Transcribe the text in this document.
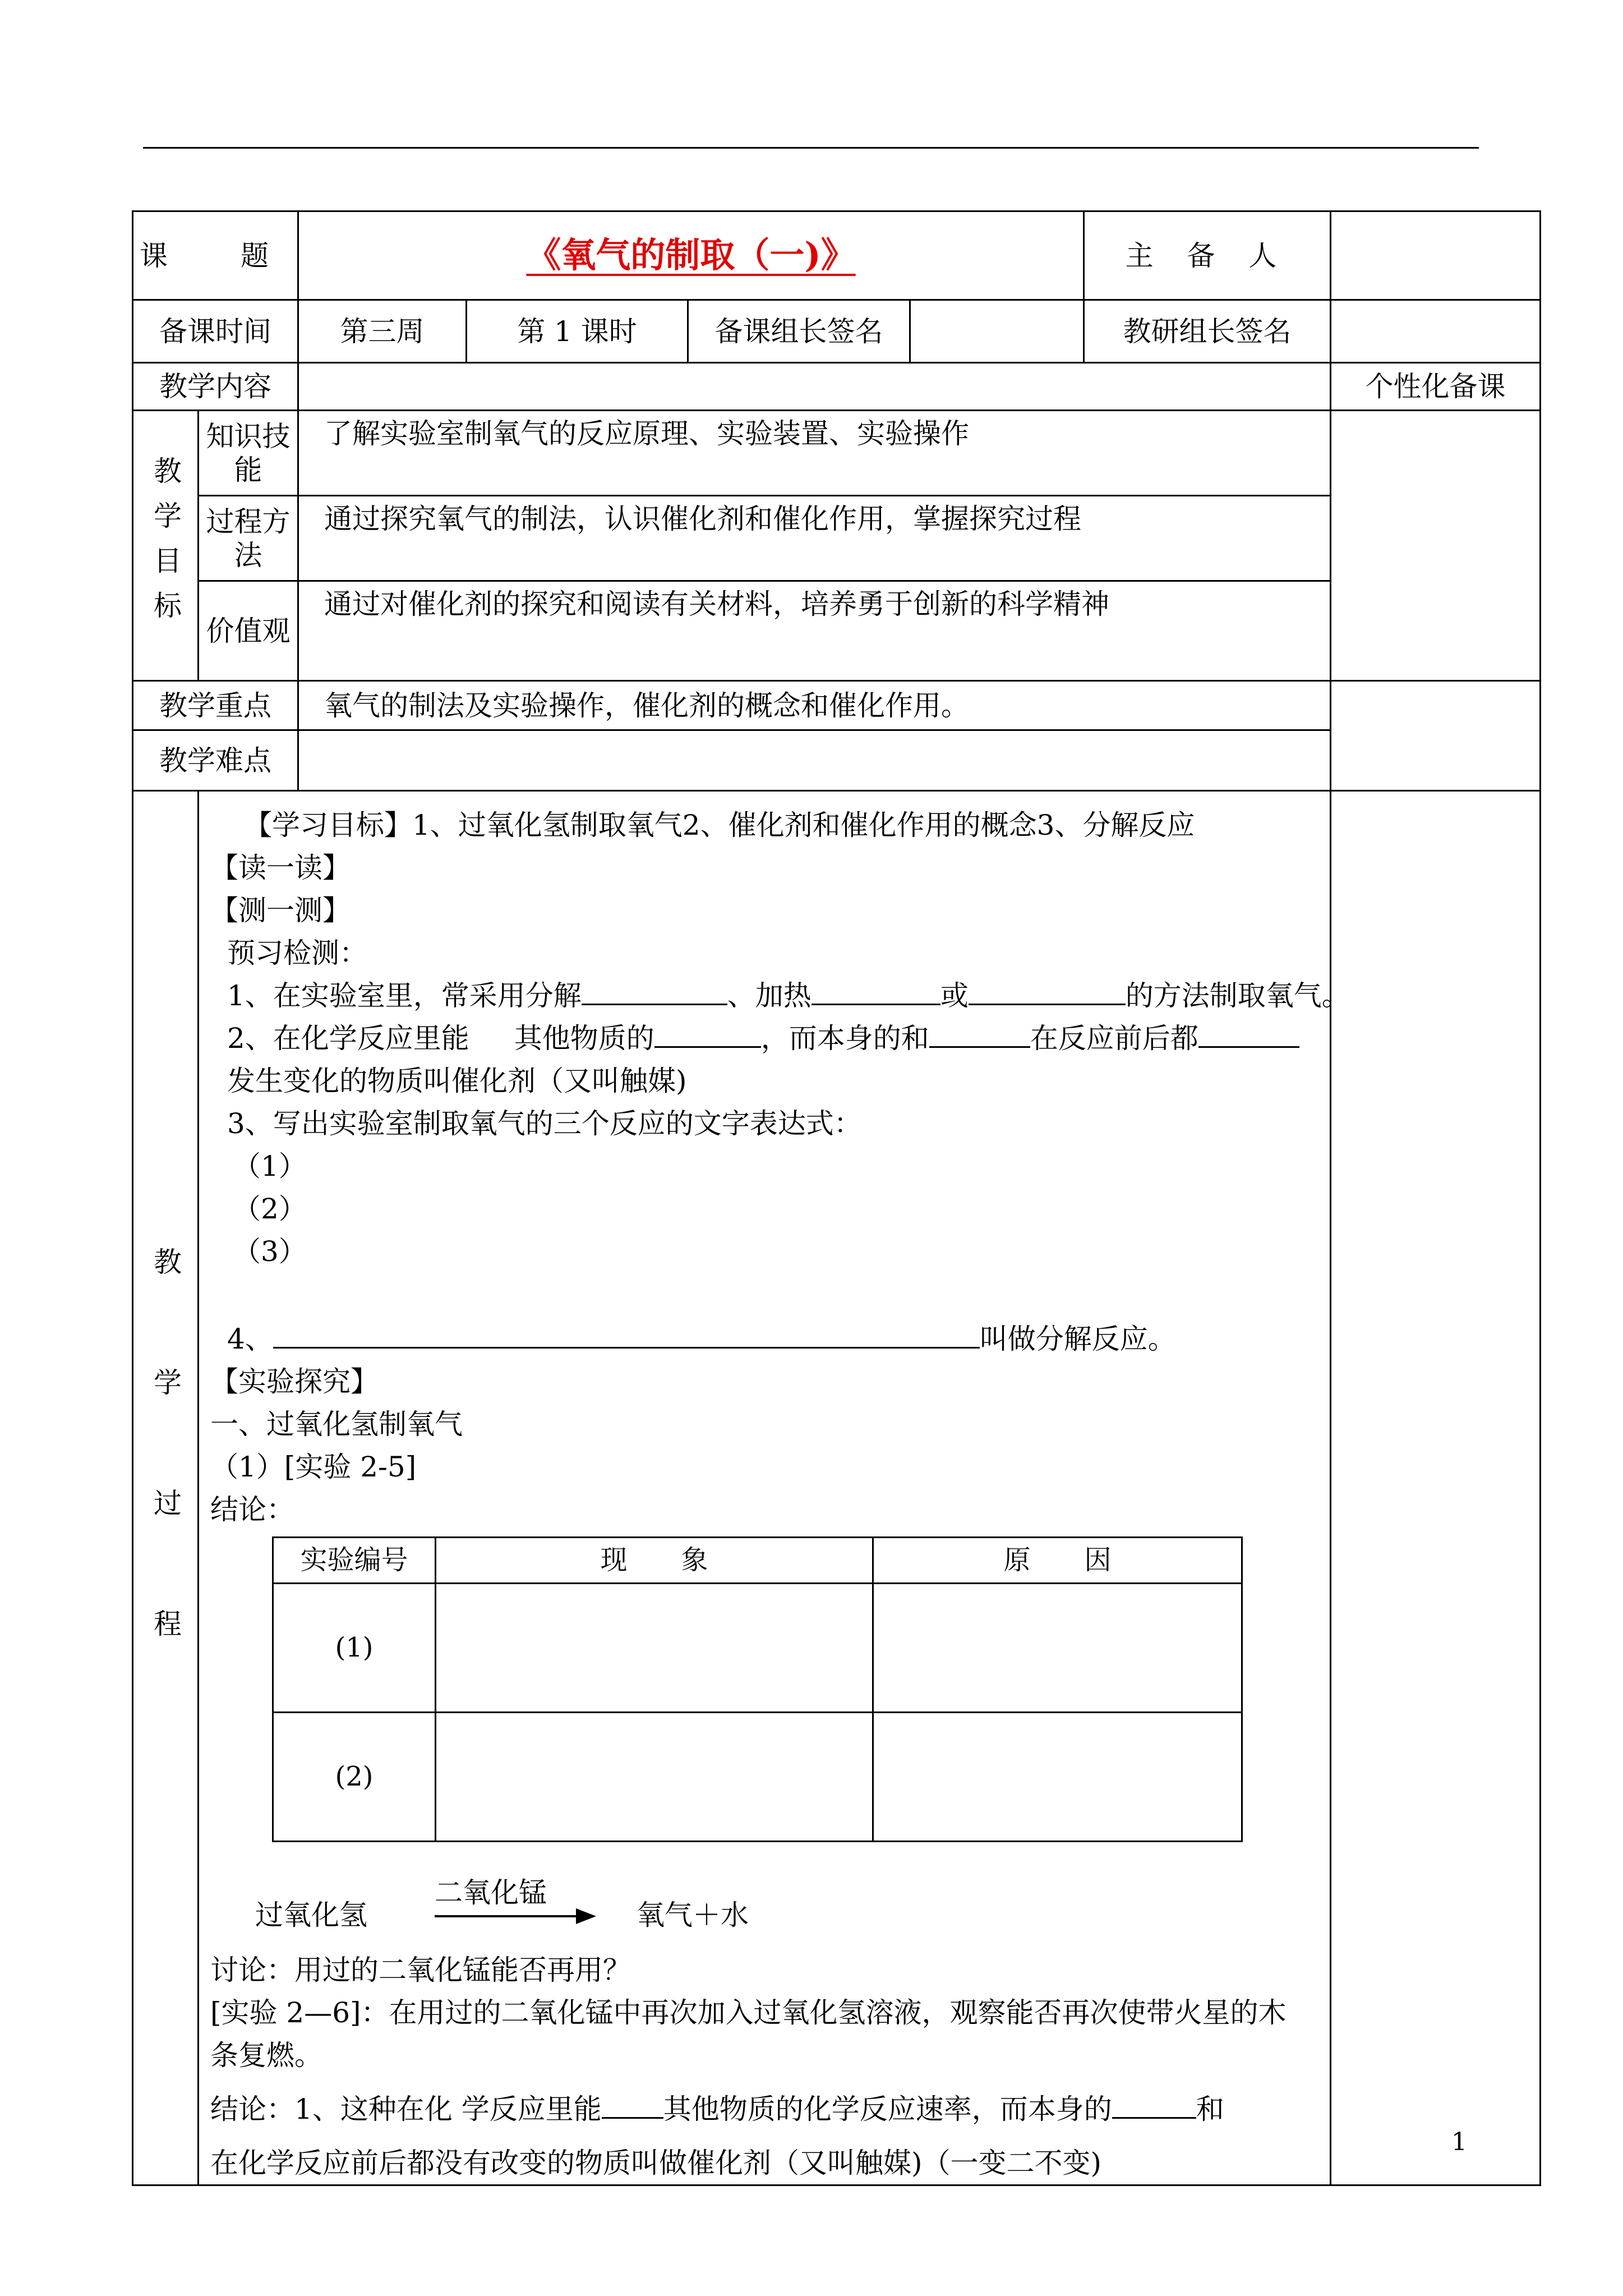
课　题	《氧气的制取（一)》	主 备 人	
备课时间	第三周	第 1 课时	备课组长签名		教研组长签名	
教学内容		个性化备课

教学目标
	知识技能	了解实验室制氧气的反应原理、实验装置、实验操作	
过程方法	通过探究氧气的制法，认识催化剂和催化作用，掌握探究过程
价值观	通过对催化剂的探究和阅读有关材料，培养勇于创新的科学精神
教学重点	氧气的制法及实验操作，催化剂的概念和催化作用。	
教学难点	

教学过程

【学习目标】1、过氧化氢制取氧气2、催化剂和催化作用的概念3、分解反应
【读一读】
【测一测】
预习检测：
1、在实验室里，常采用分解	、加热	或	的方法制取氧气。
2、在化学反应里能 其他物质的	，而本身的和	在反应前后都
发生变化的物质叫催化剂（又叫触媒)
3、写出实验室制取氧气的三个反应的文字表达式：
（1）
（2）
（3）
4、	叫做分解反应。
【实验探究】
一、过氧化氢制氧气
（1）[实验 2-5]
结论：
实验编号	现　　象	原　　因
(1)		
(2)		
过氧化氢
二氧化锰
氧气＋水
讨论：用过的二氧化锰能否再用？
[实验 2—6]：在用过的二氧化锰中再次加入过氧化氢溶液，观察能否再次使带火星的木
条复燃。
结论：1、这种在化 学反应里能 其他物质的化学反应速率，而本身的	和
在化学反应前后都没有改变的物质叫做催化剂（又叫触媒)（一变二不变)

1
